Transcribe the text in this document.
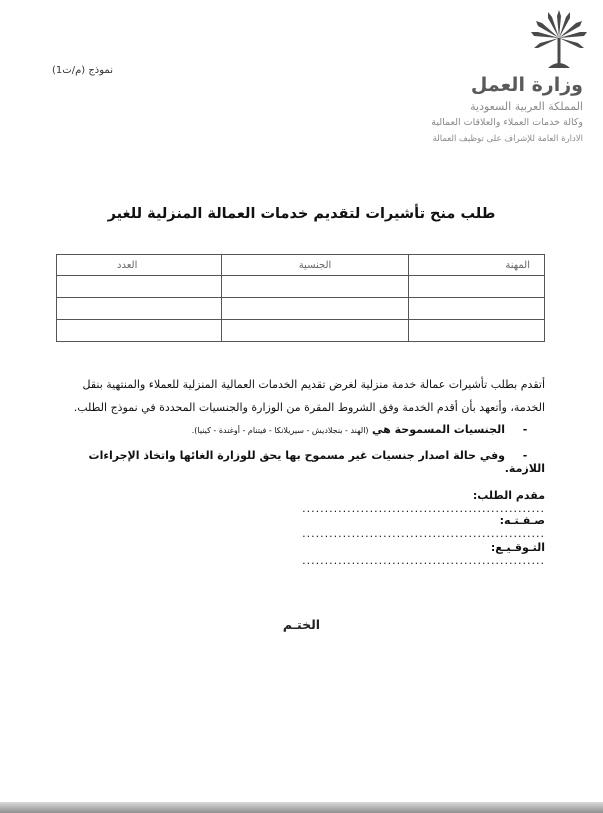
نموذج (م/ت1)
وزارة العمل
المملكة العربية السعودية
وكالة خدمات العملاء والعلاقات العمالية
الادارة العامة للإشراف على توظيف العمالة
طلب منح تأشيرات لتقديم خدمات العمالة المنزلية للغير
المهنة	الجنسية	العدد

أتقدم بطلب تأشيرات عمالة خدمة منزلية لغرض تقديم الخدمات العمالية المنزلية للعملاء والمنتهية بنقل
الخدمة، وأتعهد بأن أقدم الخدمة وفق الشروط المقرة من الوزارة والجنسيات المحددة في نموذج الطلب.
-الجنسيات المسموحة هي (الهند - بنجلاديش - سيريلانكا - فيتنام - أوغندة - كينيا).
-وفي حالة اصدار جنسيات غير مسموح بها يحق للوزارة الغائها واتخاذ الإجراءات اللازمة.
مقدم الطلب: ......................................................
صـفـتـه: ......................................................
التـوقـيـع: ......................................................
الختـم
